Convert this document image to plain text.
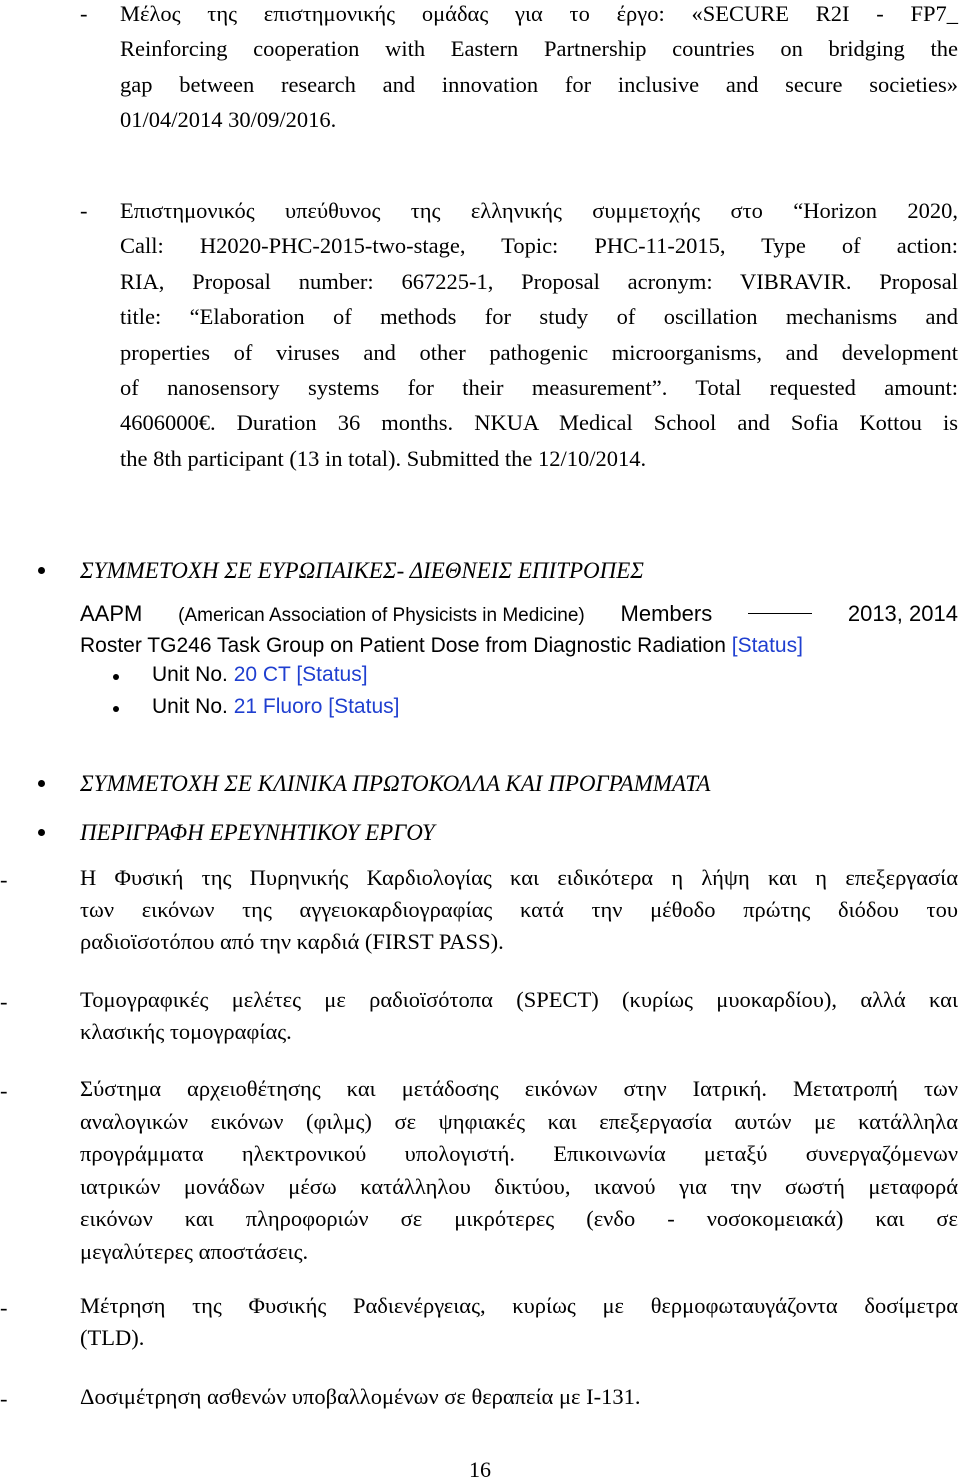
- Μέλος της επιστημονικής ομάδας για το έργο: «SECURE R2I - FP7_
Reinforcing cooperation with Eastern Partnership countries on bridging the
gap between research and innovation for inclusive and secure societies»
01/04/2014 30/09/2016.
- Επιστημονικός υπεύθυνος της ελληνικής συμμετοχής στο “Horizon 2020,
Call: H2020-PHC-2015-two-stage, Topic: PHC-11-2015, Type of action:
RIA, Proposal number: 667225-1, Proposal acronym: VIBRAVIR. Proposal
title: “Elaboration of methods for study of oscillation mechanisms and
properties of viruses and other pathogenic microorganisms, and development
of nanosensory systems for their measurement”. Total requested amount:
4606000€. Duration 36 months. NKUA Medical School and Sofia Kottou is
the 8th participant (13 in total). Submitted the 12/10/2014.
ΣΥΜΜΕΤΟΧΗ ΣΕ ΕΥΡΩΠΑΙΚΕΣ- ΔΙΕΘΝΕΙΣ ΕΠΙΤΡΟΠΕΣ
AAPM (American Association of Physicists in Medicine) Members	2013, 2014
Roster TG246 Task Group on Patient Dose from Diagnostic Radiation [Status]
Unit No. 20 CT [Status]
Unit No. 21 Fluoro [Status]
ΣΥΜΜΕΤΟΧΗ ΣΕ ΚΛΙΝΙΚΑ ΠΡΩΤΟΚΟΛΛΑ ΚΑΙ ΠΡΟΓΡΑΜΜΑΤΑ
ΠΕΡΙΓΡΑΦΗ ΕΡΕΥΝΗΤΙΚΟΥ ΕΡΓΟΥ
-	Η Φυσική της Πυρηνικής Καρδιολογίας και ειδικότερα η λήψη και η επεξεργασία
των εικόνων της αγγειοκαρδιογραφίας κατά την μέθοδο πρώτης διόδου του
ραδιοϊσοτόπου από την καρδιά (FIRST PASS).
-	Τομογραφικές μελέτες με ραδιοϊσότοπα (SPECT) (κυρίως μυοκαρδίου), αλλά και
κλασικής τομογραφίας.
-	Σύστημα αρχειοθέτησης και μετάδοσης εικόνων στην Ιατρική. Μετατροπή των
αναλογικών εικόνων (φιλμς) σε ψηφιακές και επεξεργασία αυτών με κατάλληλα
προγράμματα ηλεκτρονικού υπολογιστή. Επικοινωνία μεταξύ συνεργαζόμενων
ιατρικών μονάδων μέσω κατάλληλου δικτύου, ικανού για την σωστή μεταφορά
εικόνων και πληροφοριών σε μικρότερες (ενδο - νοσοκομειακά) και σε
μεγαλύτερες αποστάσεις.
-	Μέτρηση της Φυσικής Ραδιενέργειας, κυρίως με θερμοφωταυγάζοντα δοσίμετρα
(TLD).
-	Δοσιμέτρηση ασθενών υποβαλλομένων σε θεραπεία με I-131.
16
